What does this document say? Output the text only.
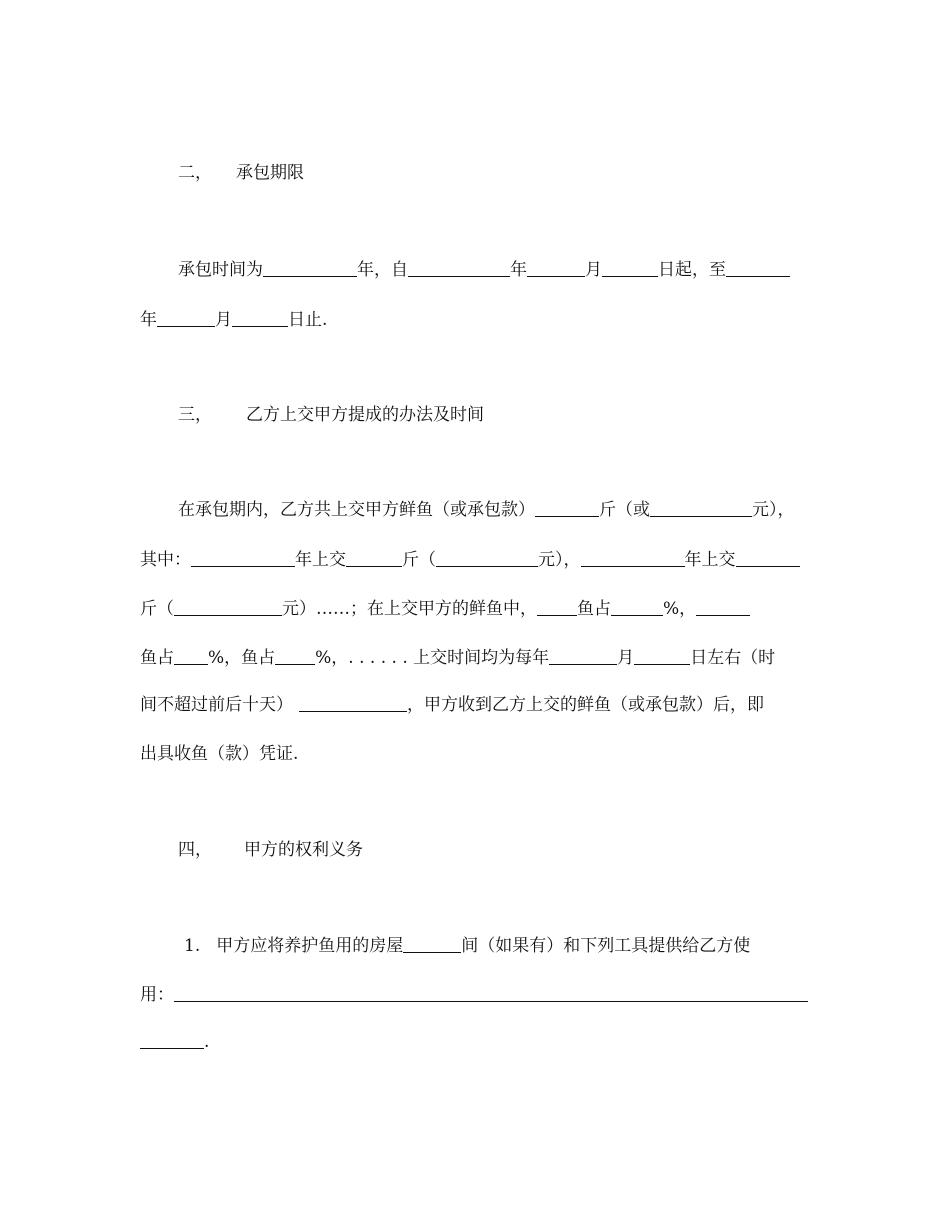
二， 承包期限
承包时间为	年，自	年	月	日起，至
年	月	日止.
三， 乙方上交甲方提成的办法及时间
在承包期内，乙方共上交甲方鲜鱼（或承包款）	斤（或	元），
其中：	年上交	斤（	元），	年上交
斤（	元）……；在上交甲方的鲜鱼中， 鱼占	%，
鱼占 %，鱼占 %，. . . . . . 上交时间均为每年	月	日左右（时
间不超过前后十天）	，甲方收到乙方上交的鲜鱼（或承包款）后，即
出具收鱼（款）凭证.
四， 甲方的权利义务
1. 甲方应将养护鱼用的房屋	间（如果有）和下列工具提供给乙方使
用：
.
